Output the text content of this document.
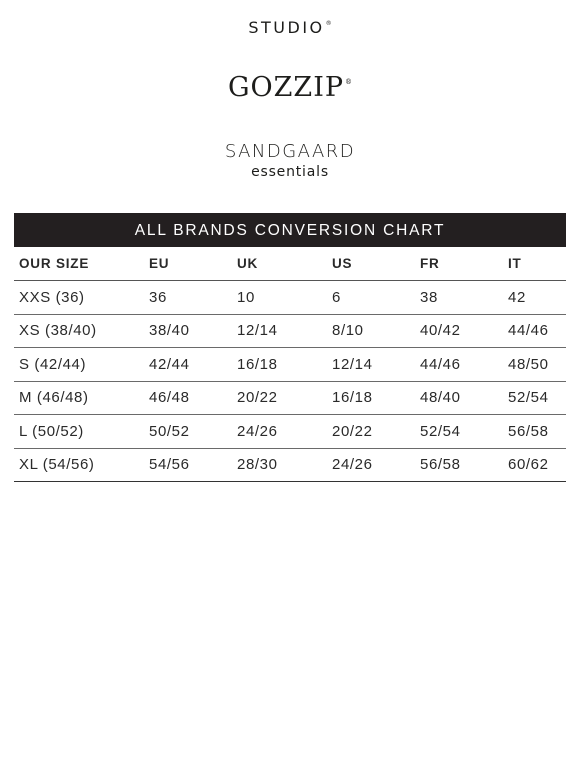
STUDIO®
GOZZIP®
SANDGAARD
essentials
ALL BRANDS CONVERSION CHART
OUR SIZE	EU	UK	US	FR	IT
XXS (36)	36	10	6	38	42
XS (38/40)	38/40	12/14	8/10	40/42	44/46
S (42/44)	42/44	16/18	12/14	44/46	48/50
M (46/48)	46/48	20/22	16/18	48/40	52/54
L (50/52)	50/52	24/26	20/22	52/54	56/58
XL (54/56)	54/56	28/30	24/26	56/58	60/62
